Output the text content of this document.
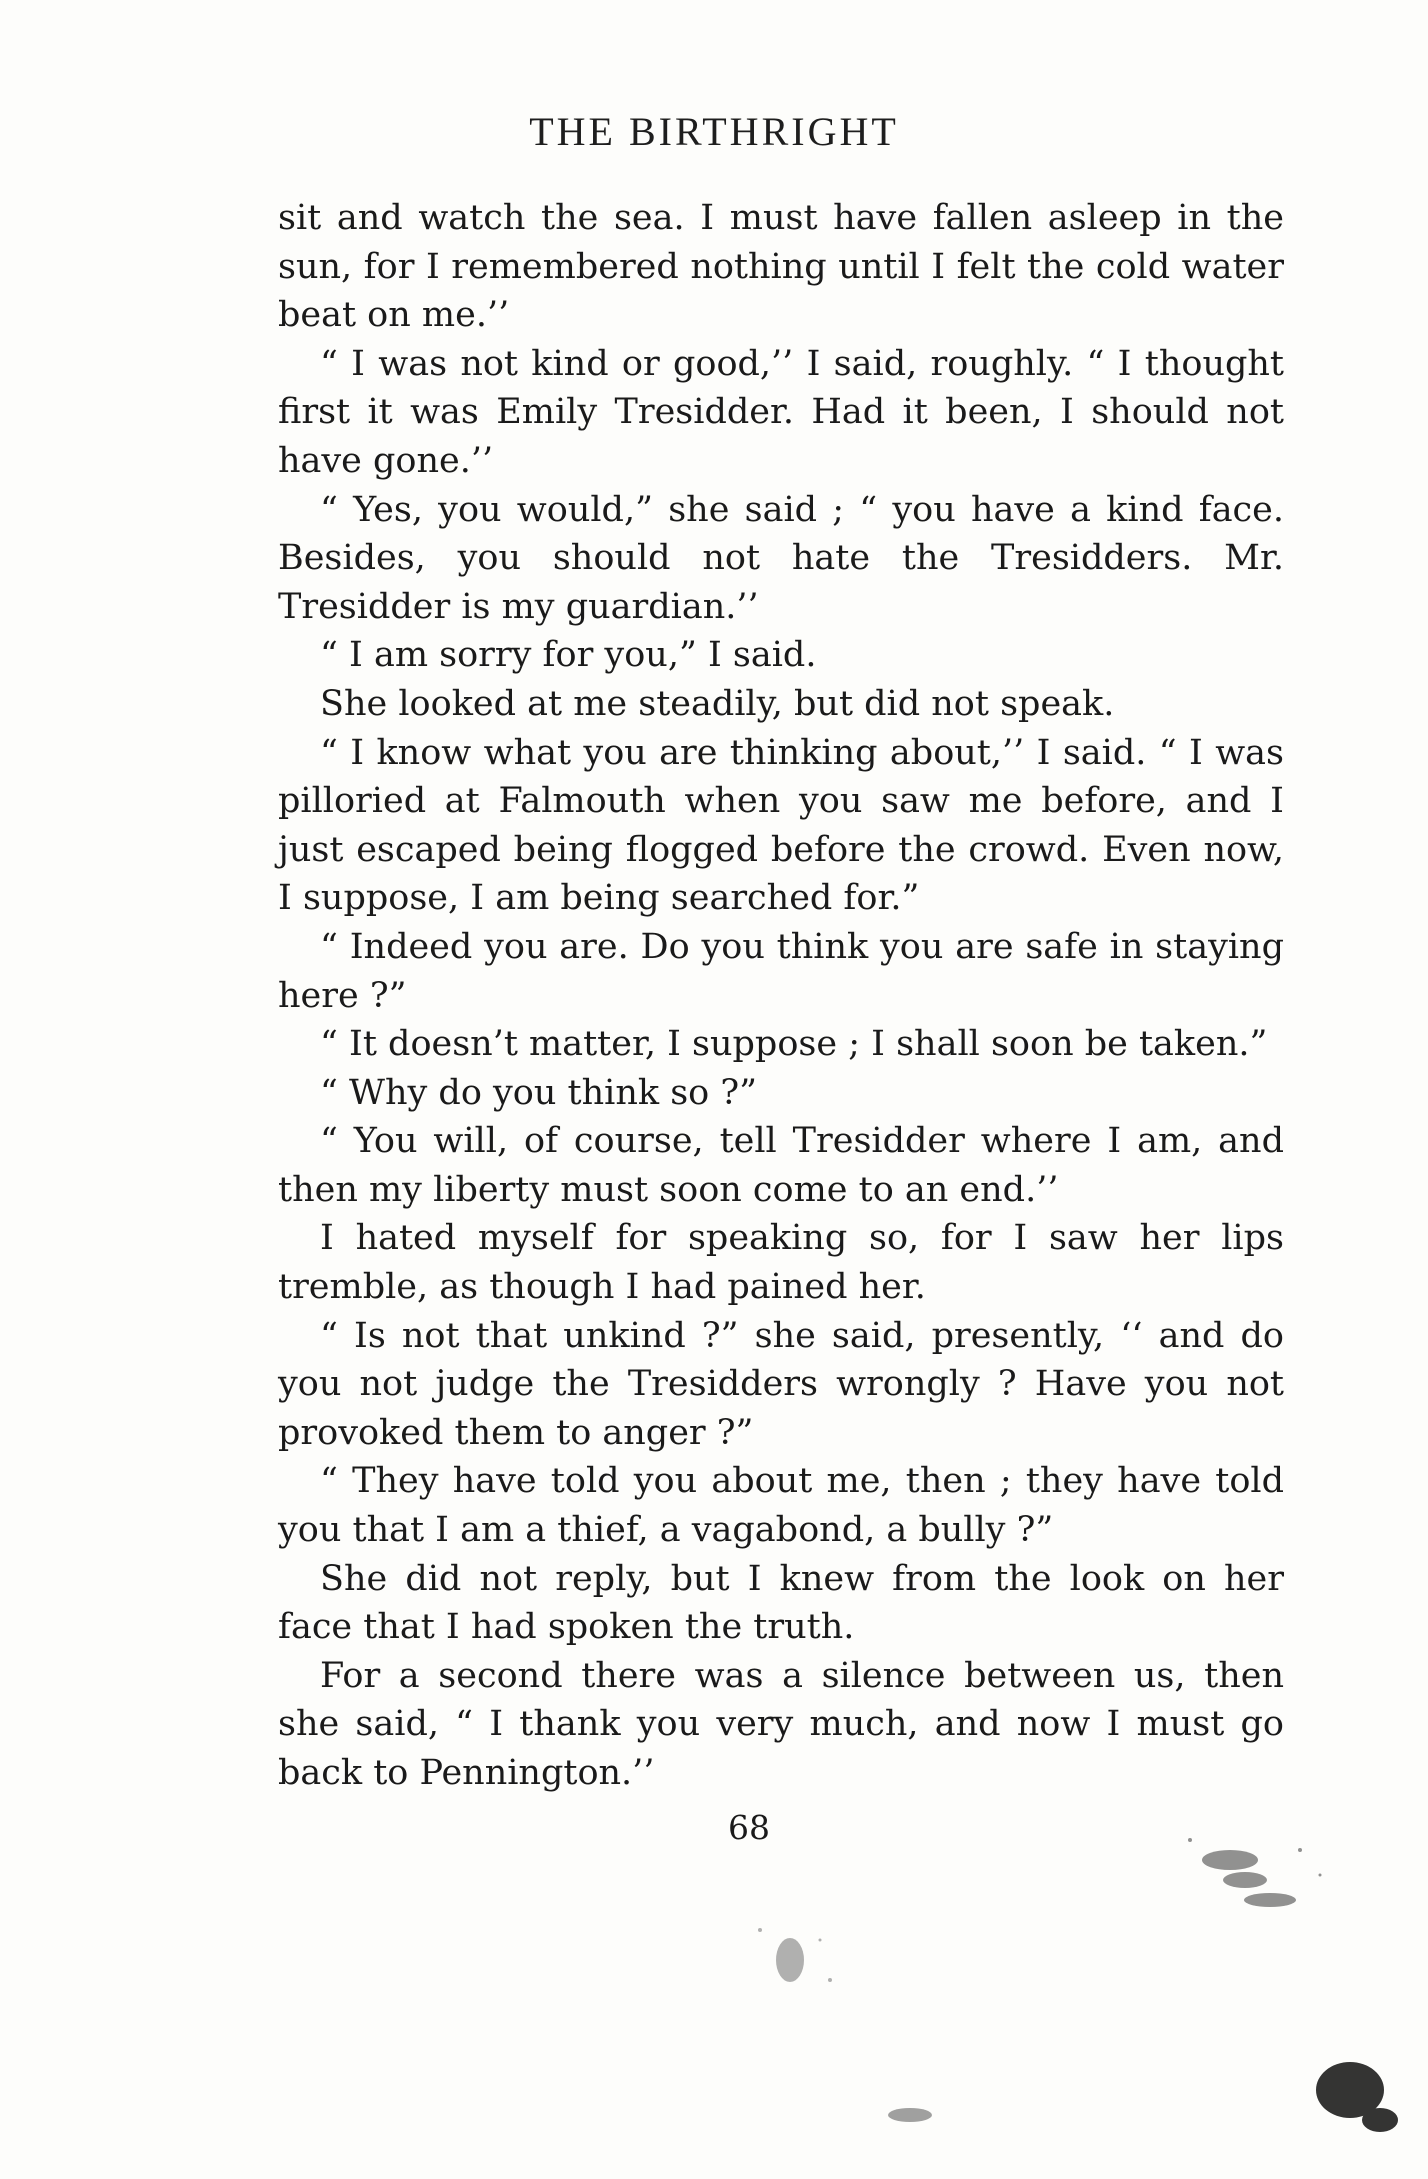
THE BIRTHRIGHT

sit and watch the sea. I must have fallen asleep in the sun, for I remembered nothing until I felt the cold water beat on me.’’

“ I was not kind or good,’’ I said, roughly. “ I thought first it was Emily Tresidder. Had it been, I should not have gone.’’

“ Yes, you would,” she said ; “ you have a kind face. Besides, you should not hate the Tresidders. Mr. Tresidder is my guardian.’’

“ I am sorry for you,” I said.

She looked at me steadily, but did not speak.

“ I know what you are thinking about,’’ I said. “ I was pilloried at Falmouth when you saw me before, and I just escaped being flogged before the crowd. Even now, I suppose, I am being searched for.”

“ Indeed you are. Do you think you are safe in staying here ?”

“ It doesn’t matter, I suppose ; I shall soon be taken.”

“ Why do you think so ?”

“ You will, of course, tell Tresidder where I am, and then my liberty must soon come to an end.’’

I hated myself for speaking so, for I saw her lips tremble, as though I had pained her.

“ Is not that unkind ?” she said, presently, ‘‘ and do you not judge the Tresidders wrongly ? Have you not provoked them to anger ?”

“ They have told you about me, then ; they have told you that I am a thief, a vagabond, a bully ?”

She did not reply, but I knew from the look on her face that I had spoken the truth.

For a second there was a silence between us, then she said, “ I thank you very much, and now I must go back to Pennington.’’

68
